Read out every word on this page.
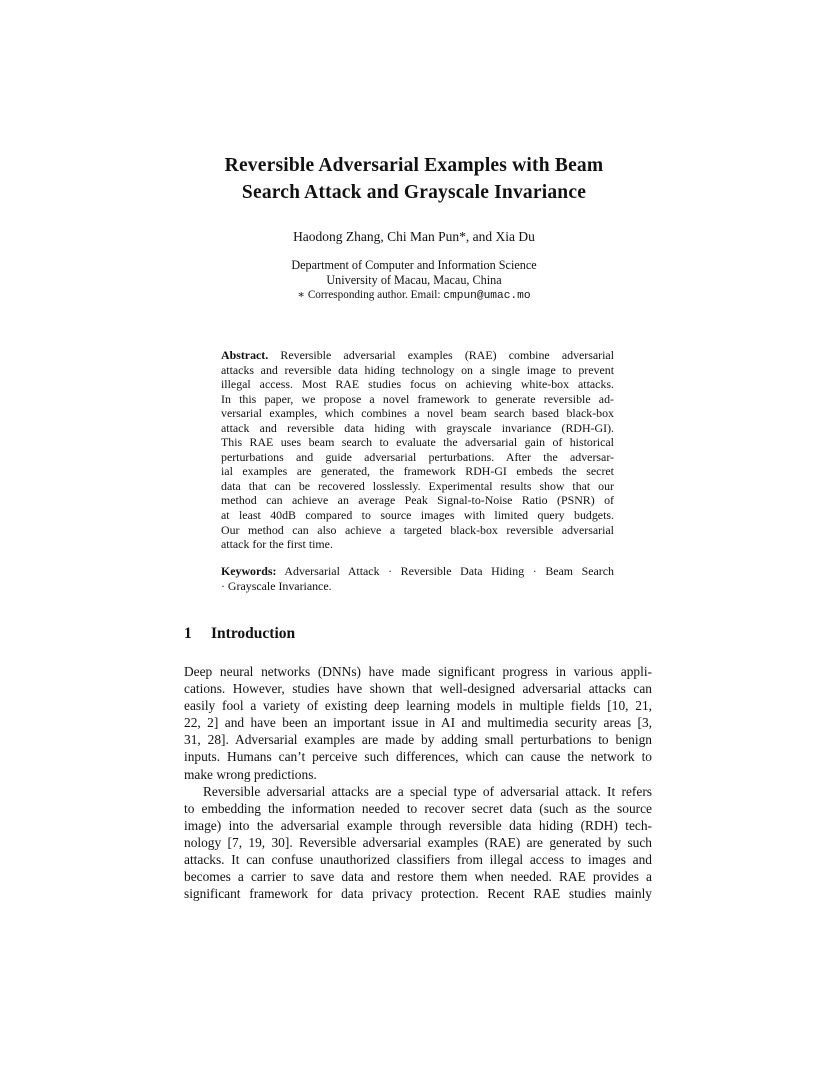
Reversible Adversarial Examples with Beam
Search Attack and Grayscale Invariance
Haodong Zhang, Chi Man Pun*, and Xia Du
Department of Computer and Information Science
University of Macau, Macau, China
∗ Corresponding author. Email: cmpun@umac.mo
Abstract. Reversible adversarial examples (RAE) combine adversarial
attacks and reversible data hiding technology on a single image to prevent
illegal access. Most RAE studies focus on achieving white-box attacks.
In this paper, we propose a novel framework to generate reversible ad-
versarial examples, which combines a novel beam search based black-box
attack and reversible data hiding with grayscale invariance (RDH-GI).
This RAE uses beam search to evaluate the adversarial gain of historical
perturbations and guide adversarial perturbations. After the adversar-
ial examples are generated, the framework RDH-GI embeds the secret
data that can be recovered losslessly. Experimental results show that our
method can achieve an average Peak Signal-to-Noise Ratio (PSNR) of
at least 40dB compared to source images with limited query budgets.
Our method can also achieve a targeted black-box reversible adversarial
attack for the first time.
Keywords: Adversarial Attack · Reversible Data Hiding · Beam Search
· Grayscale Invariance.
1 Introduction
Deep neural networks (DNNs) have made significant progress in various appli-
cations. However, studies have shown that well-designed adversarial attacks can
easily fool a variety of existing deep learning models in multiple fields [10, 21,
22, 2] and have been an important issue in AI and multimedia security areas [3,
31, 28]. Adversarial examples are made by adding small perturbations to benign
inputs. Humans can’t perceive such differences, which can cause the network to
make wrong predictions.
Reversible adversarial attacks are a special type of adversarial attack. It refers
to embedding the information needed to recover secret data (such as the source
image) into the adversarial example through reversible data hiding (RDH) tech-
nology [7, 19, 30]. Reversible adversarial examples (RAE) are generated by such
attacks. It can confuse unauthorized classifiers from illegal access to images and
becomes a carrier to save data and restore them when needed. RAE provides a
significant framework for data privacy protection. Recent RAE studies mainly
